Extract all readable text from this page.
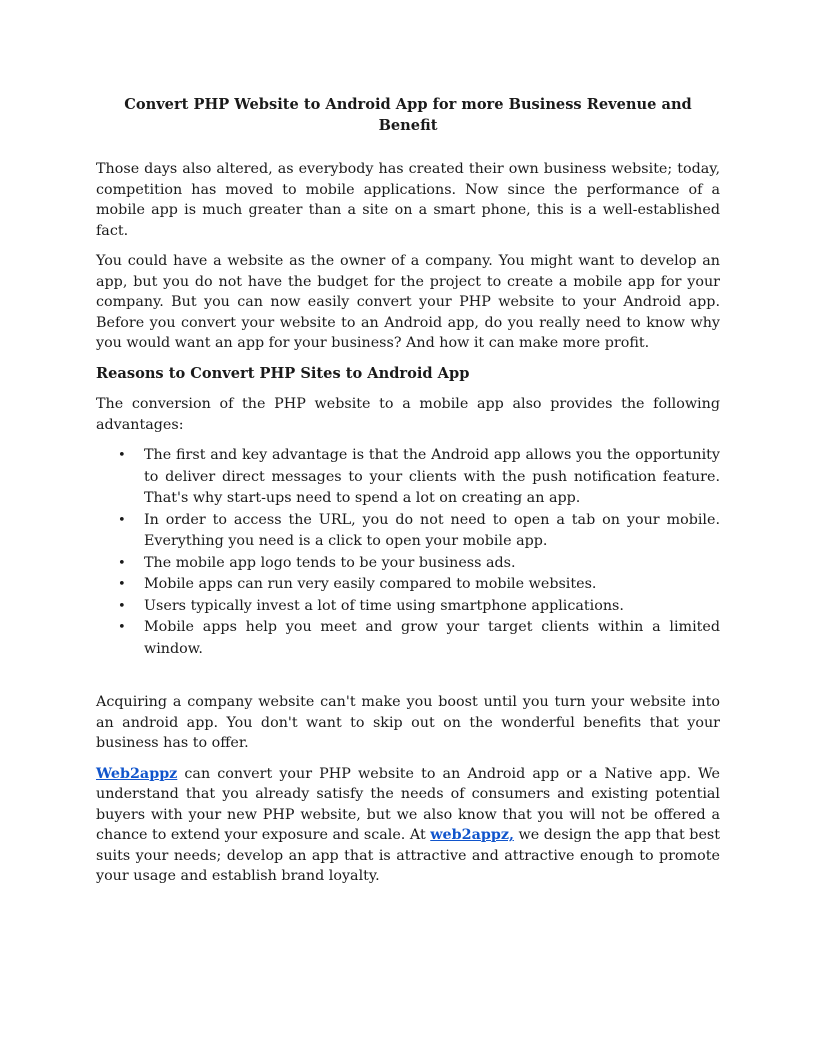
Convert PHP Website to Android App for more Business Revenue and Benefit

Those days also altered, as everybody has created their own business website; today, competition has moved to mobile applications. Now since the performance of a mobile app is much greater than a site on a smart phone, this is a well-established fact.

You could have a website as the owner of a company. You might want to develop an app, but you do not have the budget for the project to create a mobile app for your company. But you can now easily convert your PHP website to your Android app. Before you convert your website to an Android app, do you really need to know why you would want an app for your business? And how it can make more profit.

Reasons to Convert PHP Sites to Android App

The conversion of the PHP website to a mobile app also provides the following advantages:

• The first and key advantage is that the Android app allows you the opportunity to deliver direct messages to your clients with the push notification feature. That's why start-ups need to spend a lot on creating an app.
• In order to access the URL, you do not need to open a tab on your mobile. Everything you need is a click to open your mobile app.
• The mobile app logo tends to be your business ads.
• Mobile apps can run very easily compared to mobile websites.
• Users typically invest a lot of time using smartphone applications.
• Mobile apps help you meet and grow your target clients within a limited window.

Acquiring a company website can't make you boost until you turn your website into an android app. You don't want to skip out on the wonderful benefits that your business has to offer.

Web2appz can convert your PHP website to an Android app or a Native app. We understand that you already satisfy the needs of consumers and existing potential buyers with your new PHP website, but we also know that you will not be offered a chance to extend your exposure and scale. At web2appz, we design the app that best suits your needs; develop an app that is attractive and attractive enough to promote your usage and establish brand loyalty.
